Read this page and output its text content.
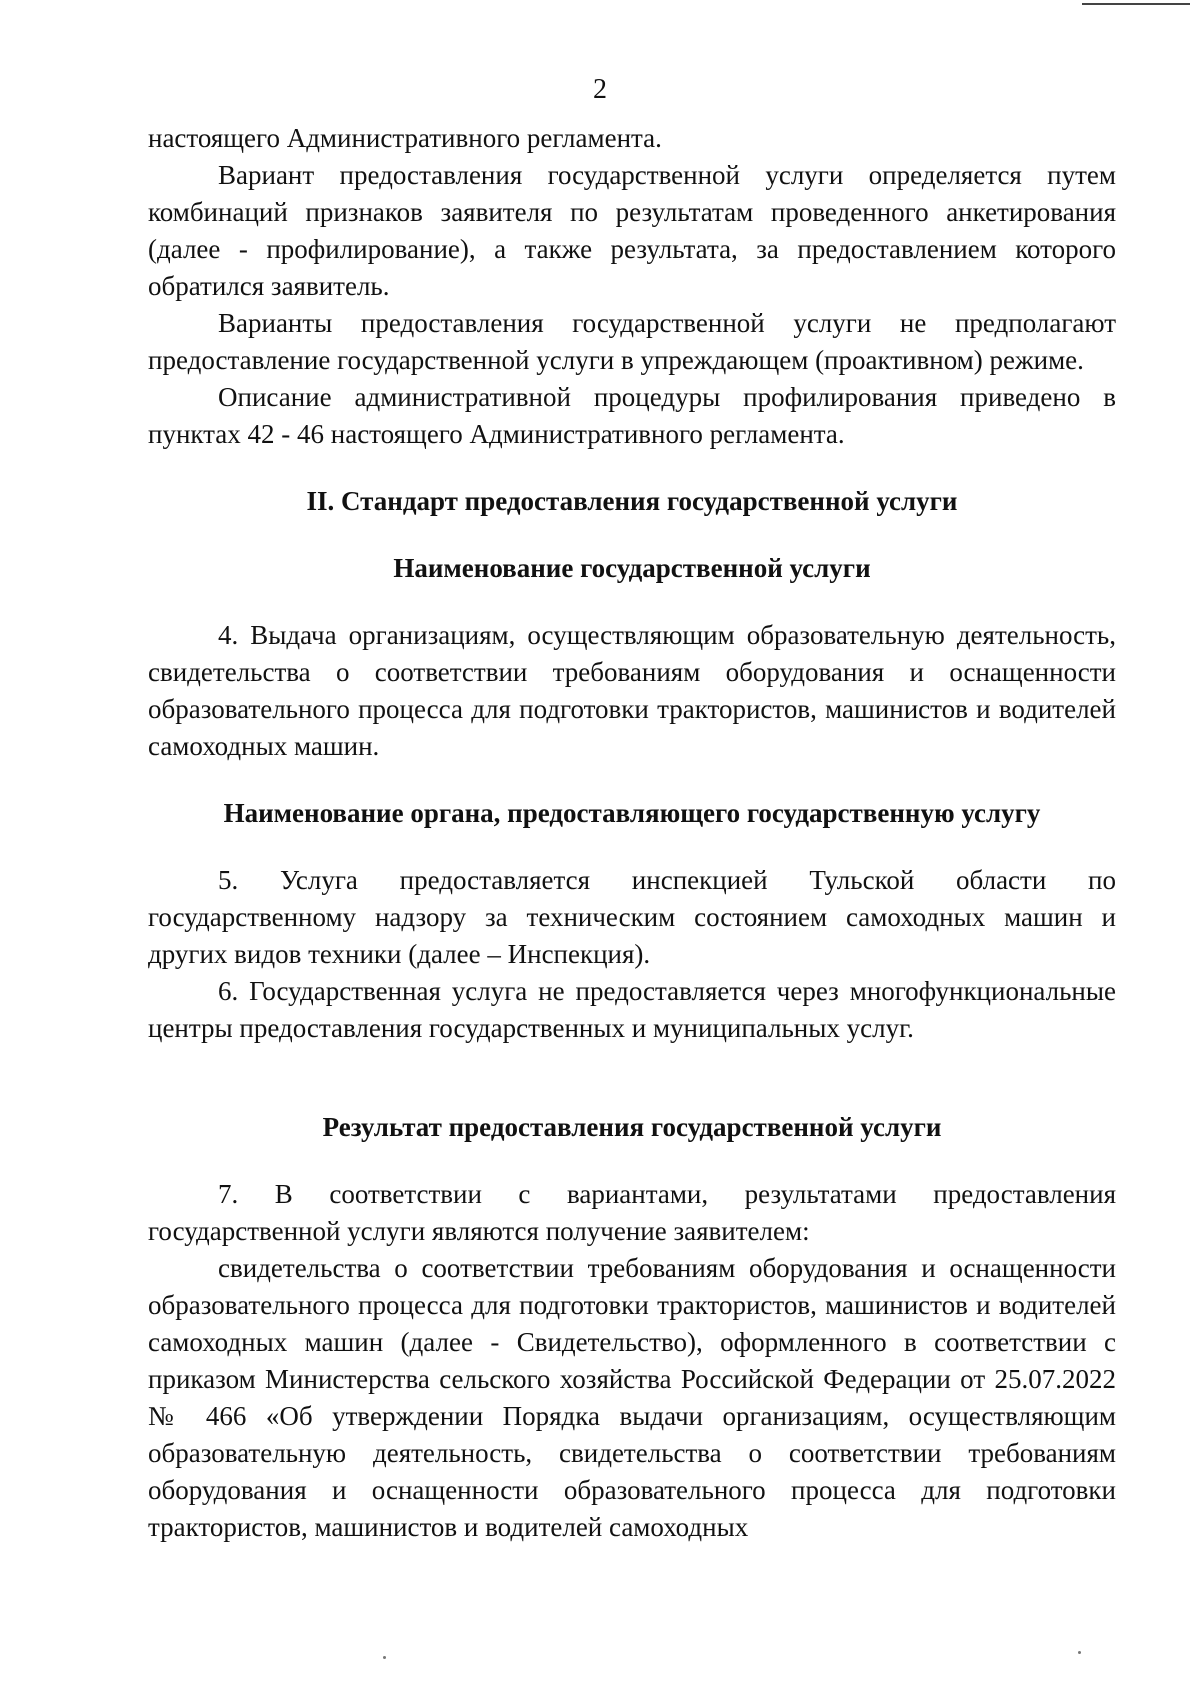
2

настоящего Административного регламента.

Вариант предоставления государственной услуги определяется путем комбинаций признаков заявителя по результатам проведенного анкетирования (далее - профилирование), а также результата, за предоставлением которого обратился заявитель.

Варианты предоставления государственной услуги не предполагают предоставление государственной услуги в упреждающем (проактивном) режиме.

Описание административной процедуры профилирования приведено в пунктах 42 - 46 настоящего Административного регламента.

II. Стандарт предоставления государственной услуги
Наименование государственной услуги

4. Выдача организациям, осуществляющим образовательную деятельность, свидетельства о соответствии требованиям оборудования и оснащенности образовательного процесса для подготовки трактористов, машинистов и водителей самоходных машин.

Наименование органа, предоставляющего государственную услугу

5. Услуга предоставляется инспекцией Тульской области по государственному надзору за техническим состоянием самоходных машин и других видов техники (далее – Инспекция).

6. Государственная услуга не предоставляется через многофункциональные центры предоставления государственных и муниципальных услуг.

Результат предоставления государственной услуги

7. В соответствии с вариантами, результатами предоставления государственной услуги являются получение заявителем:

свидетельства о соответствии требованиям оборудования и оснащенности образовательного процесса для подготовки трактористов, машинистов и водителей самоходных машин (далее - Свидетельство), оформленного в соответствии с приказом Министерства сельского хозяйства Российской Федерации от 25.07.2022 № 466 «Об утверждении Порядка выдачи организациям, осуществляющим образовательную деятельность, свидетельства о соответствии требованиям оборудования и оснащенности образовательного процесса для подготовки трактористов, машинистов и водителей самоходных
